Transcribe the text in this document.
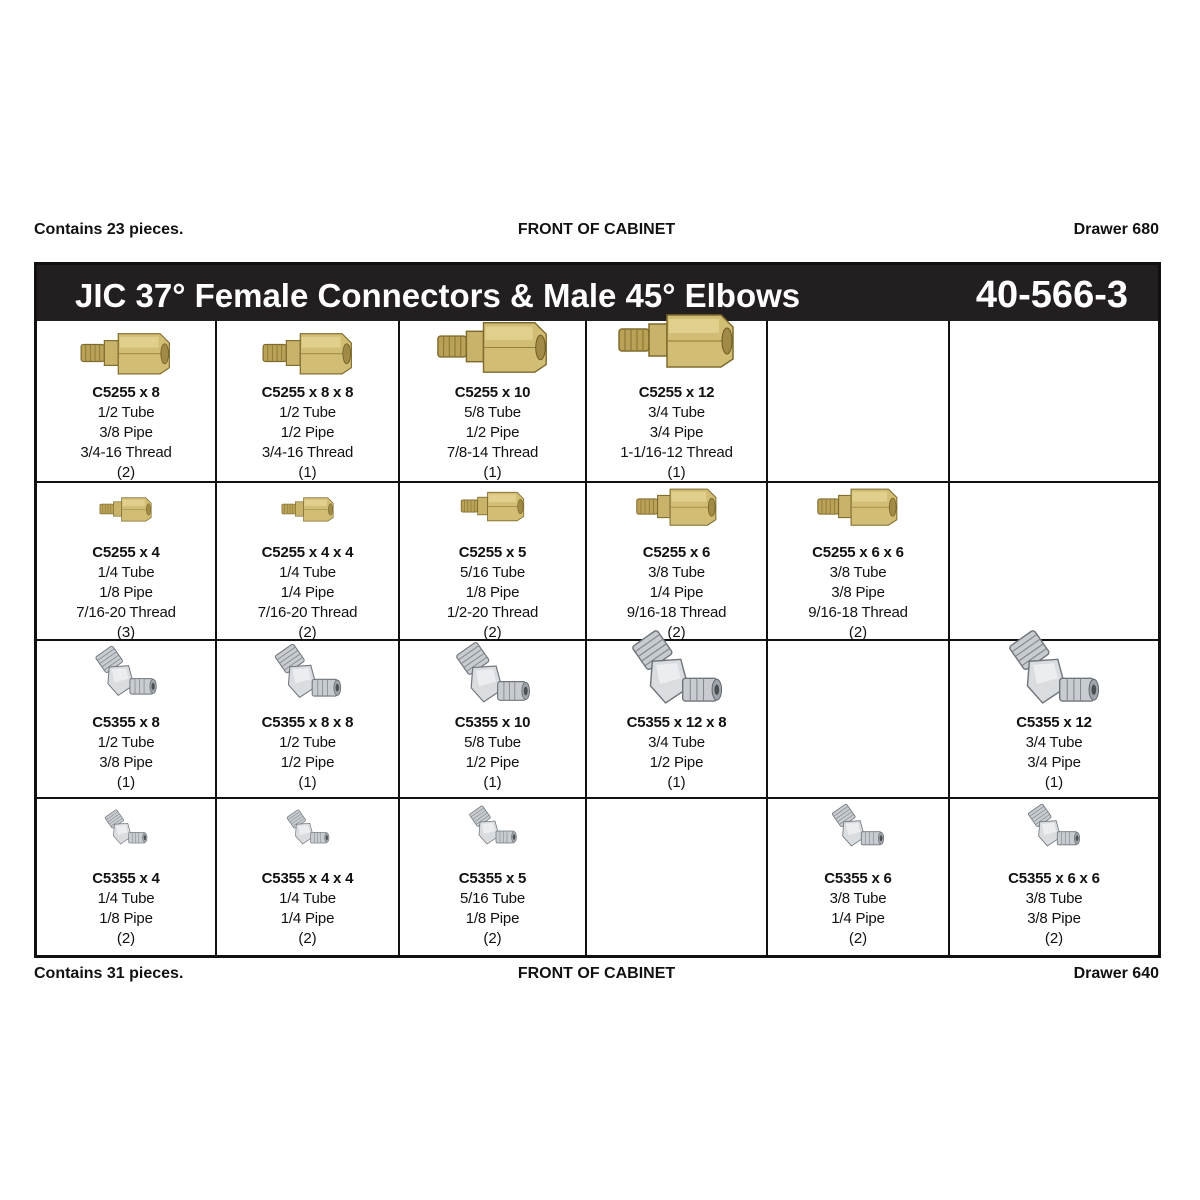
Contains 23 pieces.	FRONT OF CABINET	Drawer 680
JIC 37° Female Connectors & Male 45° Elbows	40-566-3
C5255 x 8
1/2 Tube
3/8 Pipe
3/4-16 Thread
(2)
C5255 x 8 x 8
1/2 Tube
1/2 Pipe
3/4-16 Thread
(1)
C5255 x 10
5/8 Tube
1/2 Pipe
7/8-14 Thread
(1)
C5255 x 12
3/4 Tube
3/4 Pipe
1-1/16-12 Thread
(1)
C5255 x 4
1/4 Tube
1/8 Pipe
7/16-20 Thread
(3)
C5255 x 4 x 4
1/4 Tube
1/4 Pipe
7/16-20 Thread
(2)
C5255 x 5
5/16 Tube
1/8 Pipe
1/2-20 Thread
(2)
C5255 x 6
3/8 Tube
1/4 Pipe
9/16-18 Thread
(2)
C5255 x 6 x 6
3/8 Tube
3/8 Pipe
9/16-18 Thread
(2)
C5355 x 8
1/2 Tube
3/8 Pipe
(1)
C5355 x 8 x 8
1/2 Tube
1/2 Pipe
(1)
C5355 x 10
5/8 Tube
1/2 Pipe
(1)
C5355 x 12 x 8
3/4 Tube
1/2 Pipe
(1)
C5355 x 12
3/4 Tube
3/4 Pipe
(1)
C5355 x 4
1/4 Tube
1/8 Pipe
(2)
C5355 x 4 x 4
1/4 Tube
1/4 Pipe
(2)
C5355 x 5
5/16 Tube
1/8 Pipe
(2)
C5355 x 6
3/8 Tube
1/4 Pipe
(2)
C5355 x 6 x 6
3/8 Tube
3/8 Pipe
(2)
Contains 31 pieces.	FRONT OF CABINET	Drawer 640
